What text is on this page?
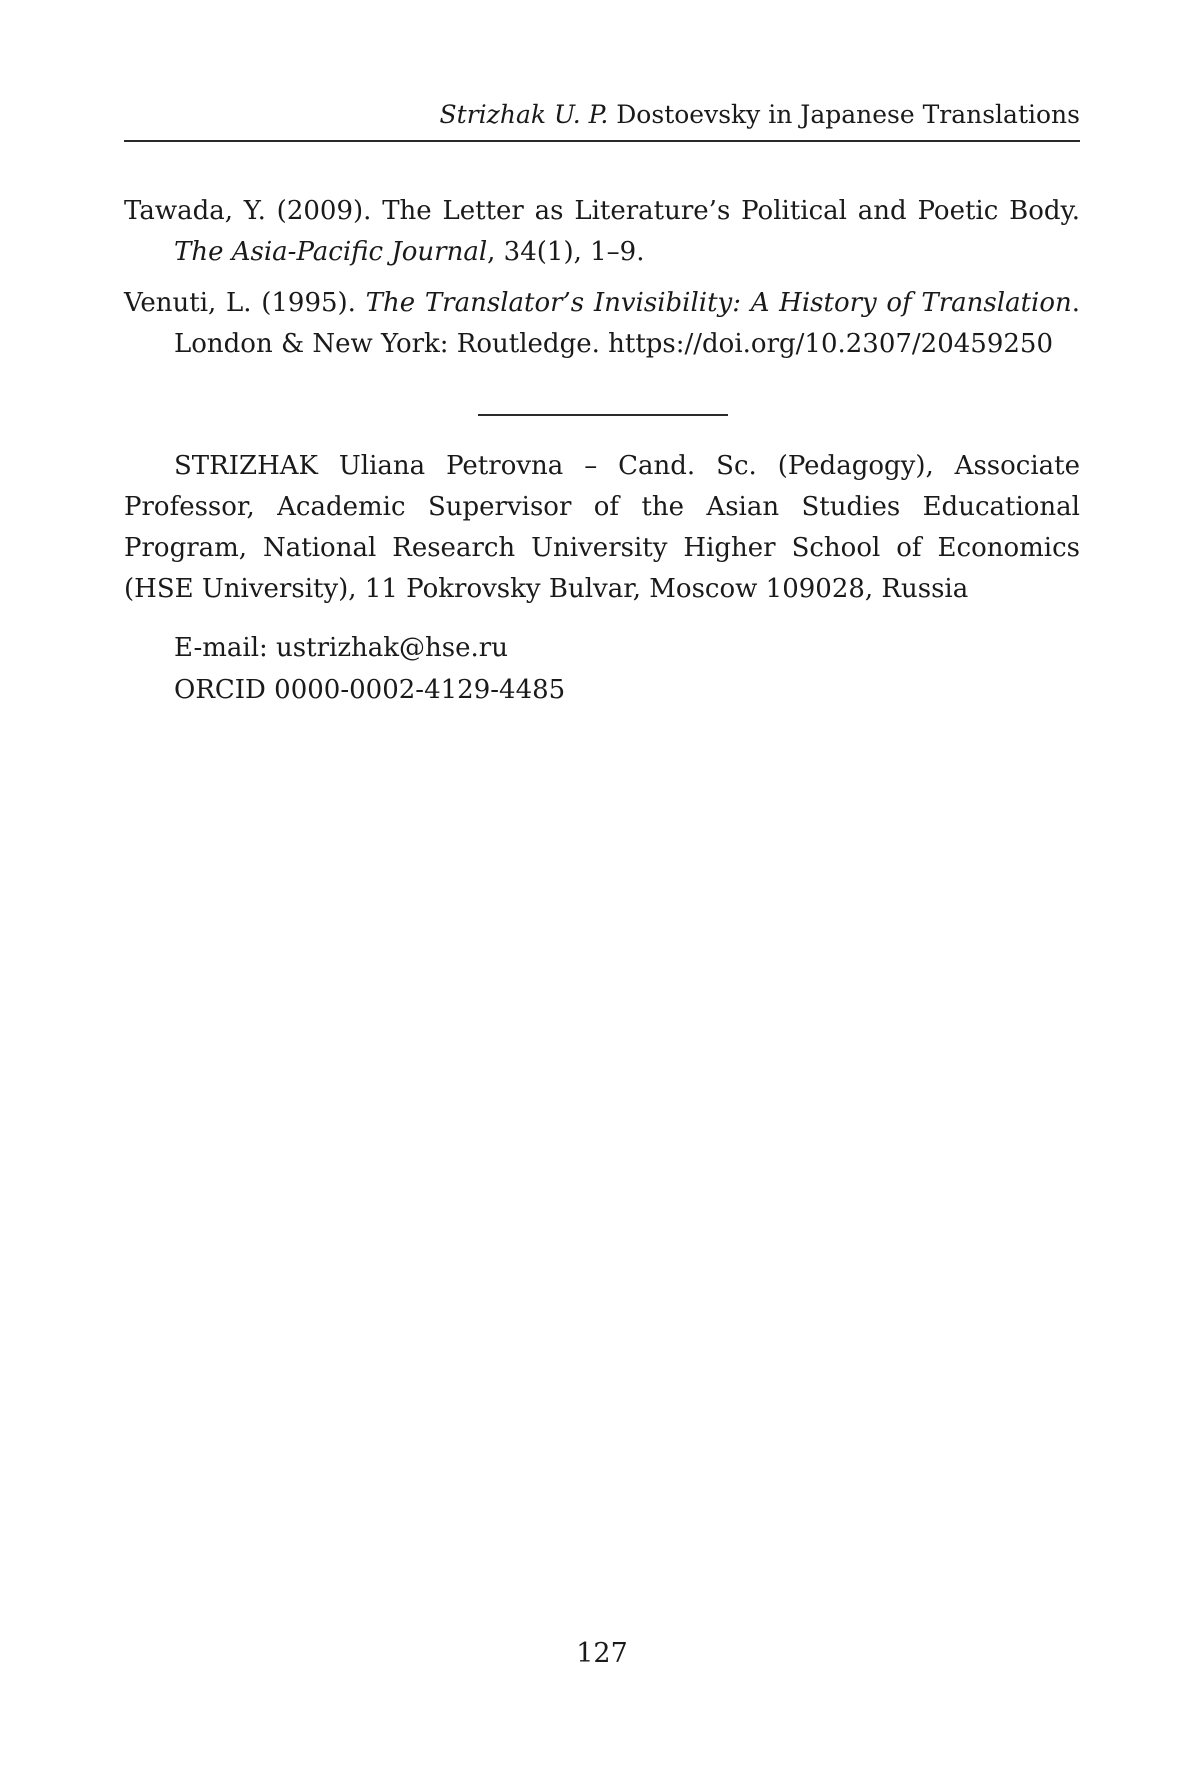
Strizhak U. P. Dostoevsky in Japanese Translations

Tawada, Y. (2009). The Letter as Literature’s Political and Poetic Body. The Asia-Pacific Journal, 34(1), 1–9.

Venuti, L. (1995). The Translator’s Invisibility: A History of Translation. London & New York: Routledge. https://doi.org/10.2307/20459250

STRIZHAK Uliana Petrovna – Cand. Sc. (Pedagogy), Associate Professor, Academic Supervisor of the Asian Studies Educational Program, National Research University Higher School of Economics (HSE University), 11 Pokrovsky Bulvar, Moscow 109028, Russia

E-mail: ustrizhak@hse.ru
ORCID 0000-0002-4129-4485
127
